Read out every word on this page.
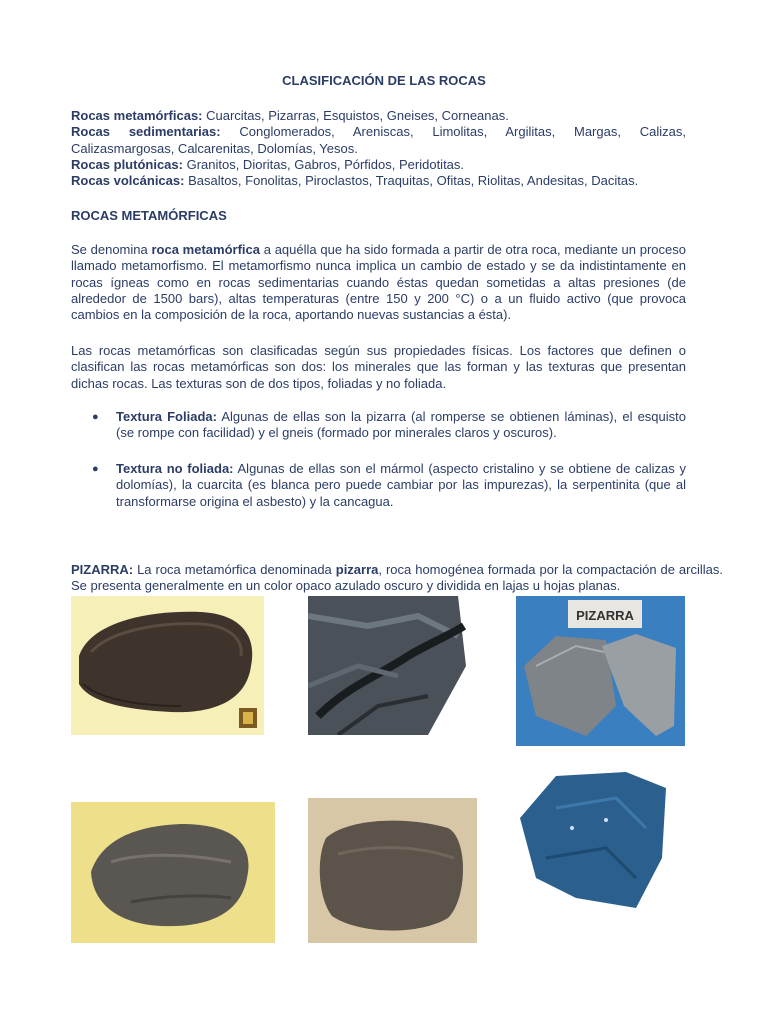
CLASIFICACIÓN DE LAS ROCAS
Rocas metamórficas: Cuarcitas, Pizarras, Esquistos, Gneises, Corneanas.
Rocas sedimentarias: Conglomerados, Areniscas, Limolitas, Argilitas, Margas, Calizas, Calizasmargosas, Calcarenitas, Dolomías, Yesos.
Rocas plutónicas: Granitos, Dioritas, Gabros, Pórfidos, Peridotitas.
Rocas volcánicas: Basaltos, Fonolitas, Piroclastos, Traquitas, Ofitas, Riolitas, Andesitas, Dacitas.
ROCAS METAMÓRFICAS
Se denomina roca metamórfica a aquélla que ha sido formada a partir de otra roca, mediante un proceso llamado metamorfismo. El metamorfismo nunca implica un cambio de estado y se da indistintamente en rocas ígneas como en rocas sedimentarias cuando éstas quedan sometidas a altas presiones (de alrededor de 1500 bars), altas temperaturas (entre 150 y 200 °C) o a un fluido activo (que provoca cambios en la composición de la roca, aportando nuevas sustancias a ésta).
Las rocas metamórficas son clasificadas según sus propiedades físicas. Los factores que definen o clasifican las rocas metamórficas son dos: los minerales que las forman y las texturas que presentan dichas rocas. Las texturas son de dos tipos, foliadas y no foliada.
● Textura Foliada: Algunas de ellas son la pizarra (al romperse se obtienen láminas), el esquisto (se rompe con facilidad) y el gneis (formado por minerales claros y oscuros).
● Textura no foliada: Algunas de ellas son el mármol (aspecto cristalino y se obtiene de calizas y dolomías), la cuarcita (es blanca pero puede cambiar por las impurezas), la serpentinita (que al transformarse origina el asbesto) y la cancagua.
PIZARRA: La roca metamórfica denominada pizarra, roca homogénea formada por la compactación de arcillas. Se presenta generalmente en un color opaco azulado oscuro y dividida en lajas u hojas planas.
PIZARRA
